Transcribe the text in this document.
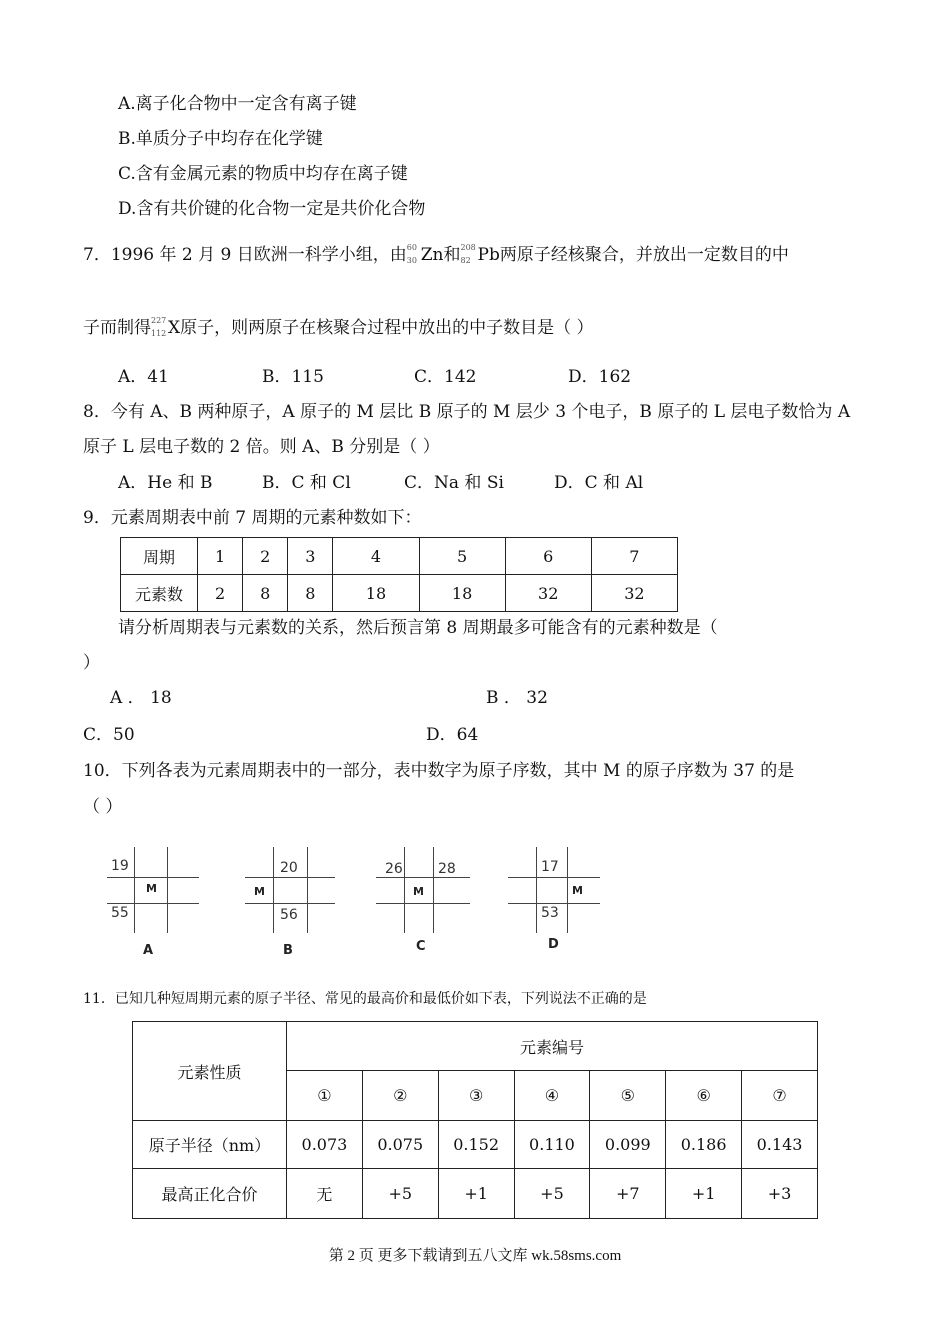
A.离子化合物中一定含有离子键
B.单质分子中均存在化学键
C.含有金属元素的物质中均存在离子键
D.含有共价键的化合物一定是共价化合物
7．1996 年 2 月 9 日欧洲一科学小组，由 60
30 Zn和 208
82 Pb两原子经核聚合，并放出一定数目的中
子而制得 227
112 X原子，则两原子在核聚合过程中放出的中子数目是（ ）
A．41	B．115	C．142	D．162
8．今有 A、B 两种原子，A 原子的 M 层比 B 原子的 M 层少 3 个电子，B 原子的 L 层电子数恰为 A
原子 L 层电子数的 2 倍。则 A、B 分别是（ ）
A．He 和 B	B．C 和 Cl	C．Na 和 Si	D．C 和 Al
9．元素周期表中前 7 周期的元素种数如下：
周期	1	2	3	4	5	6	7
元素数	2	8	8	18	18	32	32
请分析周期表与元素数的关系，然后预言第 8 周期最多可能含有的元素种数是（
）
A ． 18	B ． 32
C．50	D．64
10．下列各表为元素周期表中的一部分，表中数字为原子序数，其中 M 的原子序数为 37 的是
（ ）
19
M
55
A
20
M
56
B
26
M
28
C
17
M
53
D
11．已知几种短周期元素的原子半径、常见的最高价和最低价如下表，下列说法不正确的是
元素性质	元素编号						
	①	②	③	④	⑤	⑥	⑦
原子半径（nm）	0.073	0.075	0.152	0.110	0.099	0.186	0.143
最高正化合价	无	+5	+1	+5	+7	+1	+3
第 2 页 更多下载请到五八文库 wk.58sms.com
